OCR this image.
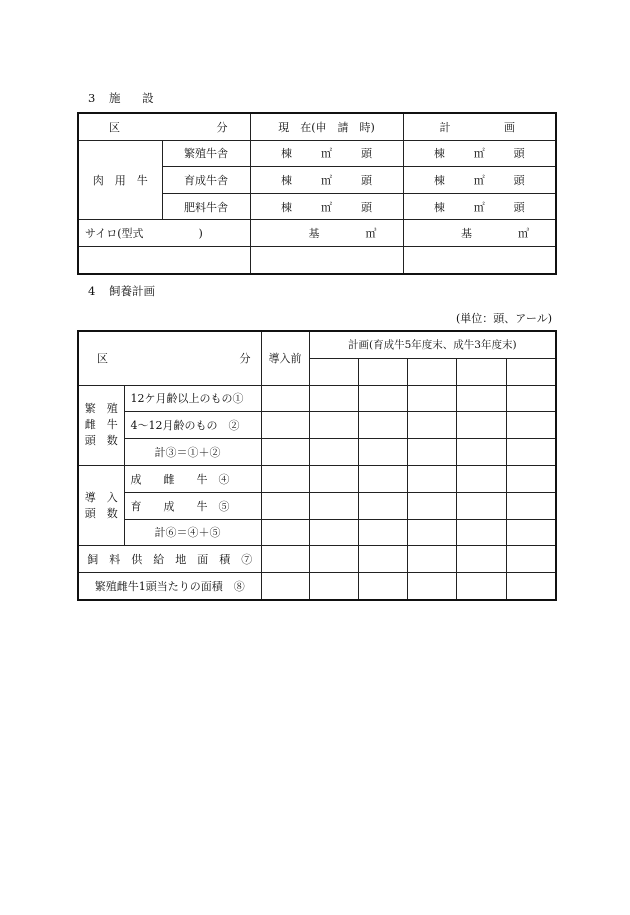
3 施 設
区 分		現　在(申　請　時)	計 画

肉　用　牛	繁殖牛舎	棟 ㎡ 頭	棟 ㎡ 頭

	育成牛舎	棟 ㎡ 頭	棟 ㎡ 頭

	肥料牛舎	棟 ㎡ 頭	棟 ㎡ 頭

サイロ(型式　　　　　)		基 ㎥	基 ㎥

4 飼養計画
(単位：頭、アール)
区 分		導入前	計画(育成牛5年度末、成牛3年度末)				

繁　殖
雌　牛
頭　数	12ケ月齢以上のもの①						
	4～12月齢のもの　②						
	計③＝①＋②						

導　入
頭　数	成　　雌　　牛　④						
	育　　成　　牛　⑤						
	計⑥＝④＋⑤						
飼　料　供　給　地　面　積　⑦							
繁殖雌牛1頭当たりの面積　⑧							
